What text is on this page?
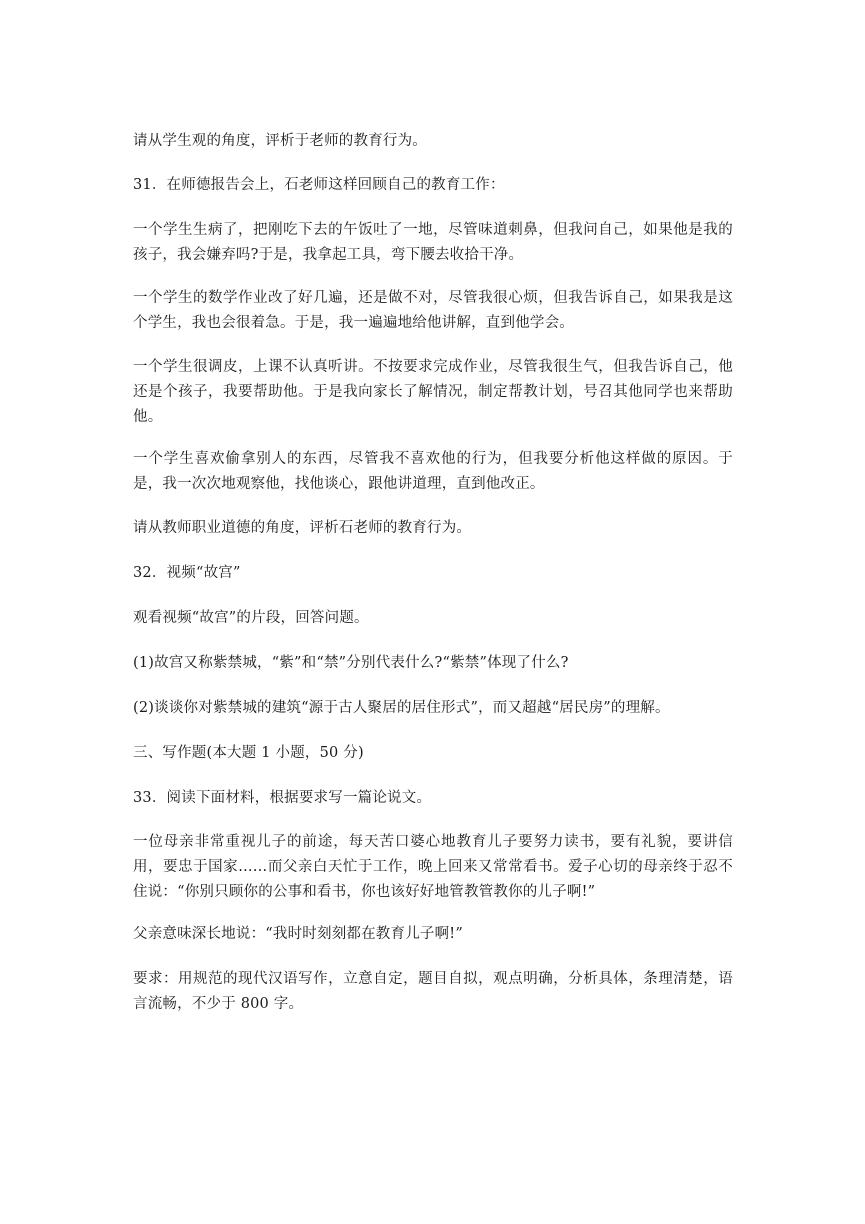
请从学生观的角度，评析于老师的教育行为。

31．在师德报告会上，石老师这样回顾自己的教育工作：

一个学生生病了，把刚吃下去的午饭吐了一地，尽管味道刺鼻，但我问自己，如果他是我的孩子，我会嫌弃吗?于是，我拿起工具，弯下腰去收拾干净。

一个学生的数学作业改了好几遍，还是做不对，尽管我很心烦，但我告诉自己，如果我是这个学生，我也会很着急。于是，我一遍遍地给他讲解，直到他学会。

一个学生很调皮，上课不认真听讲。不按要求完成作业，尽管我很生气，但我告诉自己，他还是个孩子，我要帮助他。于是我向家长了解情况，制定帮教计划，号召其他同学也来帮助他。

一个学生喜欢偷拿别人的东西，尽管我不喜欢他的行为，但我要分析他这样做的原因。于是，我一次次地观察他，找他谈心，跟他讲道理，直到他改正。

请从教师职业道德的角度，评析石老师的教育行为。

32．视频“故宫”

观看视频“故宫”的片段，回答问题。

(1)故宫又称紫禁城，“紫”和“禁”分别代表什么?“紫禁”体现了什么?

(2)谈谈你对紫禁城的建筑“源于古人聚居的居住形式”，而又超越“居民房”的理解。

三、写作题(本大题 1 小题，50 分)

33．阅读下面材料，根据要求写一篇论说文。

一位母亲非常重视儿子的前途，每天苦口婆心地教育儿子要努力读书，要有礼貌，要讲信用，要忠于国家……而父亲白天忙于工作，晚上回来又常常看书。爱子心切的母亲终于忍不住说：“你别只顾你的公事和看书，你也该好好地管教管教你的儿子啊!”

父亲意味深长地说：“我时时刻刻都在教育儿子啊!”

要求：用规范的现代汉语写作，立意自定，题目自拟，观点明确，分析具体，条理清楚，语言流畅，不少于 800 字。
